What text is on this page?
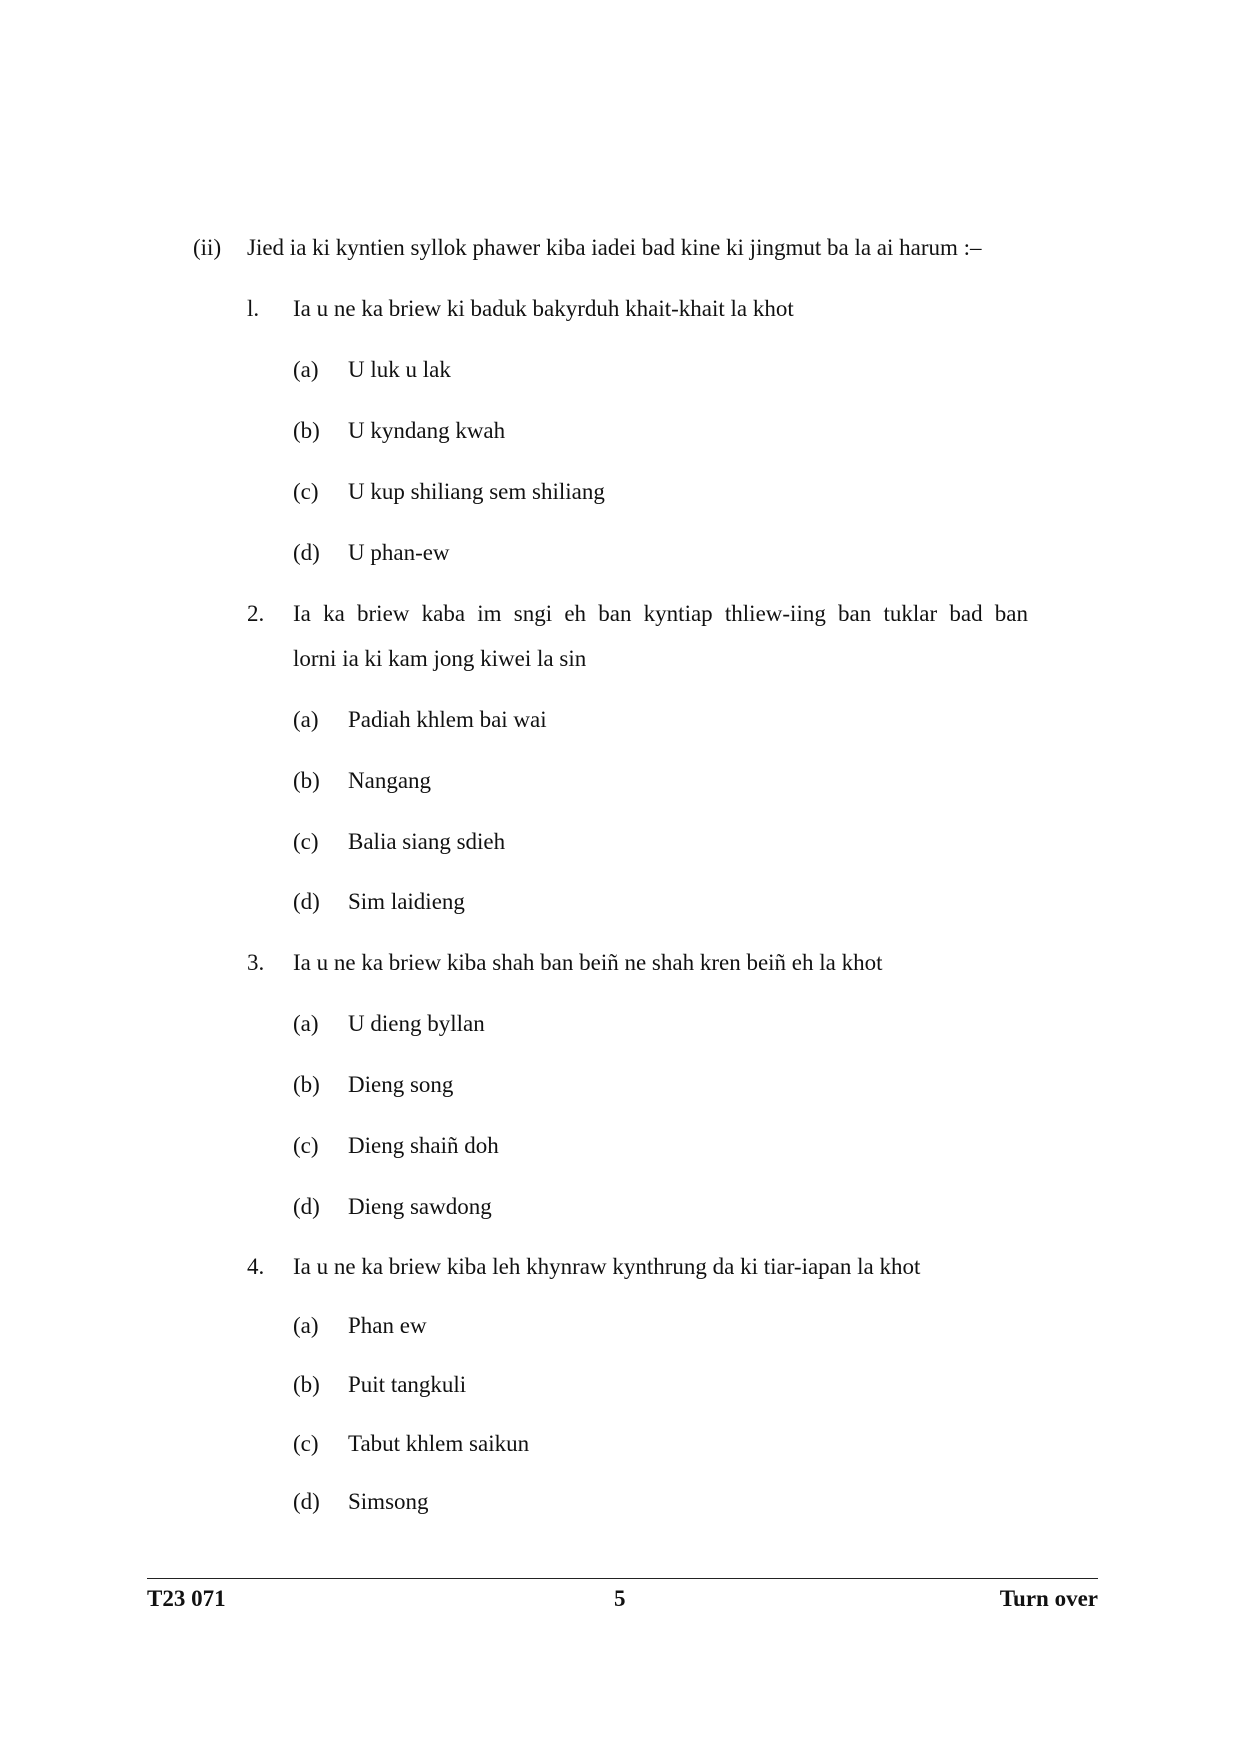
(ii) Jied ia ki kyntien syllok phawer kiba iadei bad kine ki jingmut ba la ai harum :–
l. Ia u ne ka briew ki baduk bakyrduh khait-khait la khot
(a) U luk u lak
(b) U kyndang kwah
(c) U kup shiliang sem shiliang
(d) U phan-ew
2. Ia ka briew kaba im sngi eh ban kyntiap thliew-iing ban tuklar bad ban
lorni ia ki kam jong kiwei la sin
(a) Padiah khlem bai wai
(b) Nangang
(c) Balia siang sdieh
(d) Sim laidieng
3. Ia u ne ka briew kiba shah ban beiñ ne shah kren beiñ eh la khot
(a) U dieng byllan
(b) Dieng song
(c) Dieng shaiñ doh
(d) Dieng sawdong
4. Ia u ne ka briew kiba leh khynraw kynthrung da ki tiar-iapan la khot
(a) Phan ew
(b) Puit tangkuli
(c) Tabut khlem saikun
(d) Simsong
T23 071	5	Turn over
